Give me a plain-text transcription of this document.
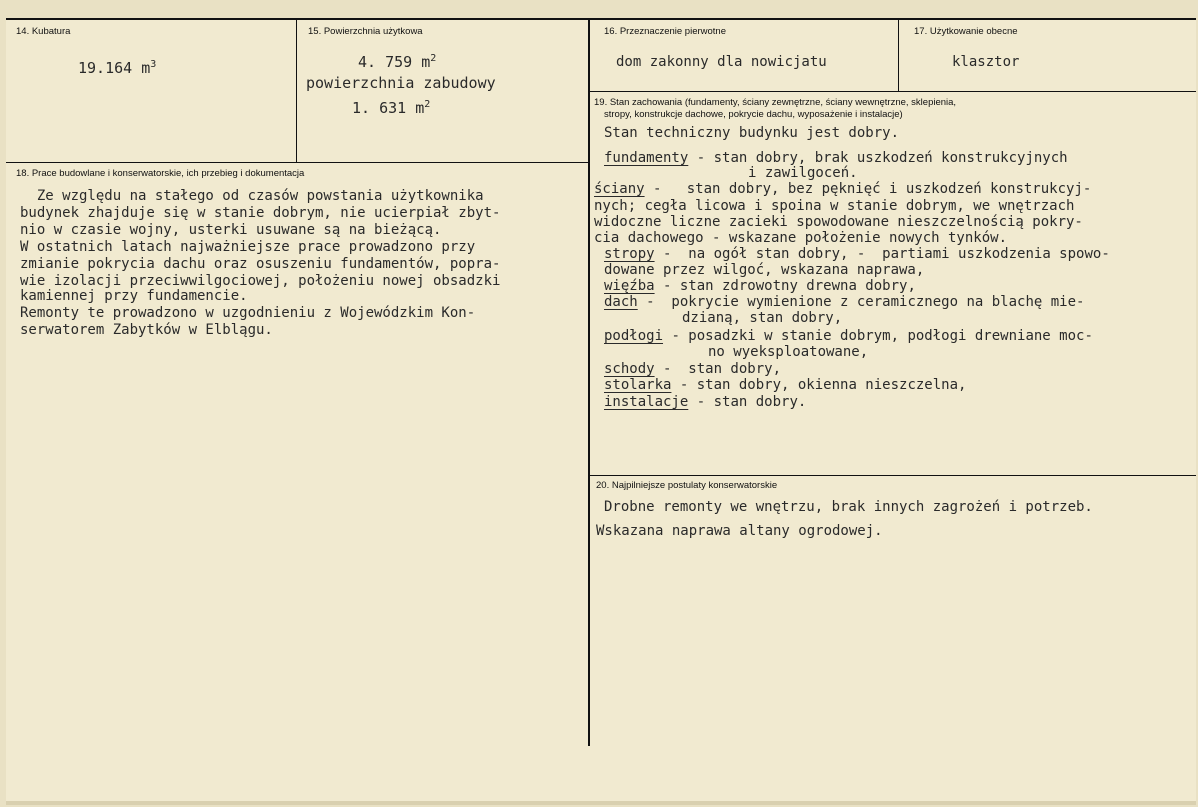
14. Kubatura
19.164 $m^3$
15. Powierzchnia użytkowa
4. 759 $m^2$
powierzchnia zabudowy
1. 631 $m^2$
16. Przeznaczenie pierwotne
dom zakonny dla nowicjatu
17. Użytkowanie obecne
klasztor
18. Prace budowlane i konserwatorskie, ich przebieg i dokumentacja
Ze względu na stałego od czasów powstania użytkownika
budynek zhajduje się w stanie dobrym, nie ucierpiał zbyt-
nio w czasie wojny, usterki usuwane są na bieżącą.
W ostatnich latach najważniejsze prace prowadzono przy
zmianie pokrycia dachu oraz osuszeniu fundamentów, popra-
wie izolacji przeciwwilgociowej, położeniu nowej obsadzki
kamiennej przy fundamencie.
Remonty te prowadzono w uzgodnieniu z Wojewódzkim Kon-
serwatorem Zabytków w Elblągu.
19. Stan zachowania (fundamenty, ściany zewnętrzne, ściany wewnętrzne, sklepienia,
stropy, konstrukcje dachowe, pokrycie dachu, wyposażenie i instalacje)
Stan techniczny budynku jest dobry.
fundamenty - stan dobry, brak uszkodzeń konstrukcyjnych
i zawilgoceń.
ściany -   stan dobry, bez pęknięć i uszkodzeń konstrukcyj-
nych; cegła licowa i spoina w stanie dobrym, we wnętrzach
widoczne liczne zacieki spowodowane nieszczelnością pokry-
cia dachowego - wskazane położenie nowych tynków.
stropy -  na ogół stan dobry, -  partiami uszkodzenia spowo-
dowane przez wilgoć, wskazana naprawa,
więźba - stan zdrowotny drewna dobry,
dach -  pokrycie wymienione z ceramicznego na blachę mie-
dzianą, stan dobry,
podłogi - posadzki w stanie dobrym, podłogi drewniane moc-
no wyeksploatowane,
schody -  stan dobry,
stolarka - stan dobry, okienna nieszczelna,
instalacje - stan dobry.
20. Najpilniejsze postulaty konserwatorskie
Drobne remonty we wnętrzu, brak innych zagrożeń i potrzeb.
Wskazana naprawa altany ogrodowej.
